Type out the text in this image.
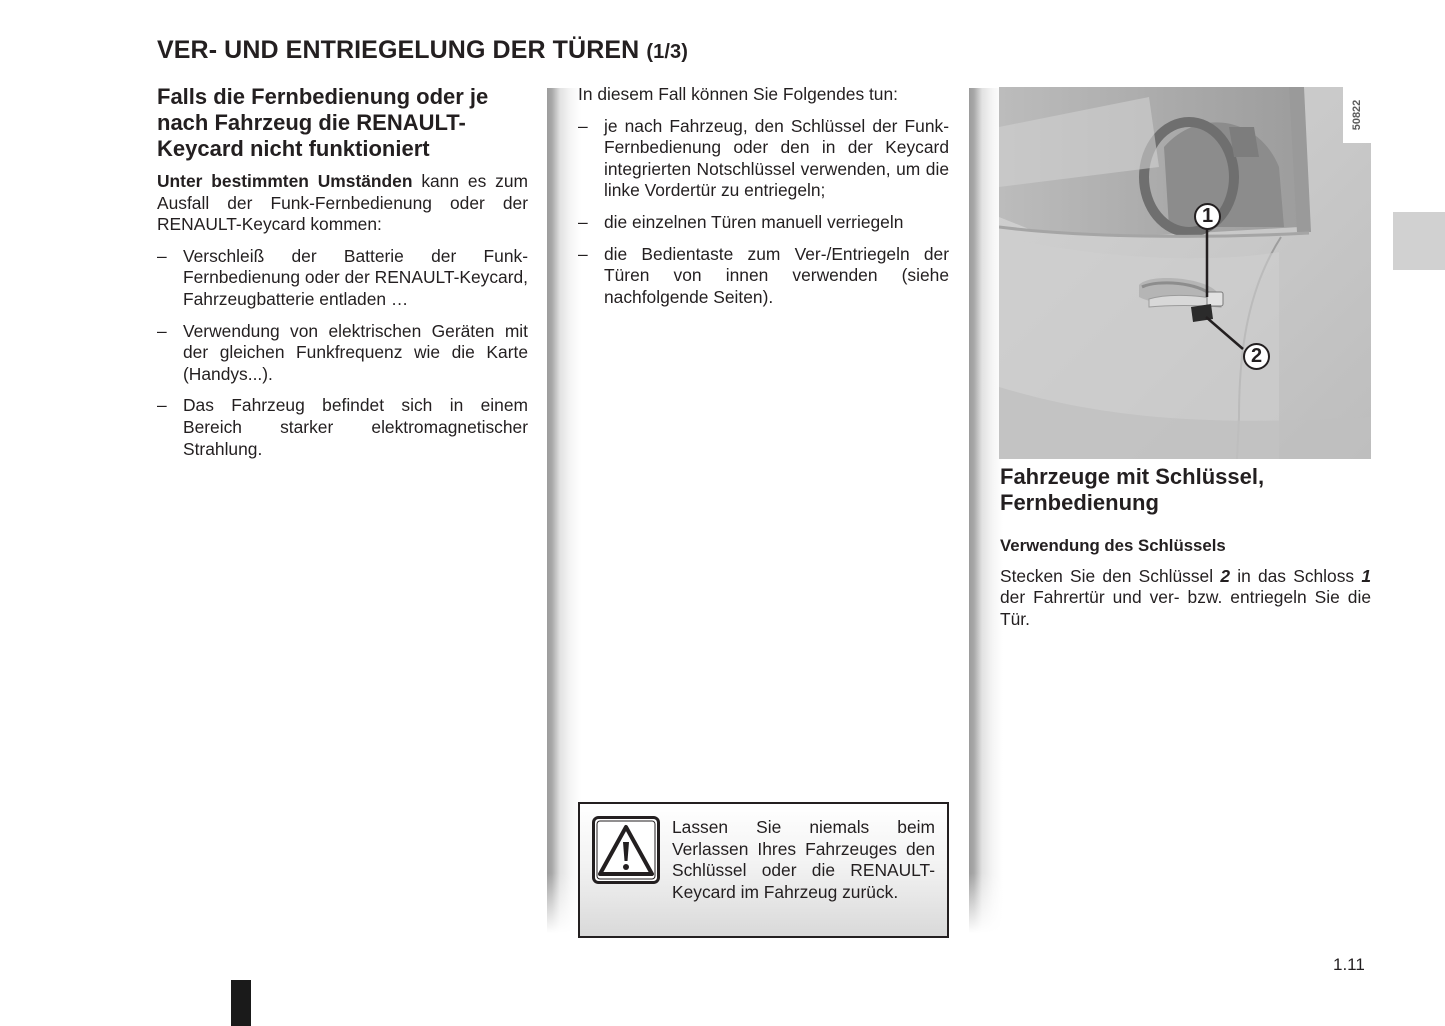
VER- UND ENTRIEGELUNG DER TÜREN (1/3)
Falls die Fernbedienung oder je nach Fahrzeug die RENAULT-Keycard nicht funktioniert
Unter bestimmten Umständen kann es zum Ausfall der Funk-Fernbedienung oder der RENAULT-Keycard kommen:
– Verschleiß der Batterie der Funk-Fernbedienung oder der RENAULT-Keycard, Fahrzeugbatterie entladen …
– Verwendung von elektrischen Geräten mit der gleichen Funkfrequenz wie die Karte (Handys...).
– Das Fahrzeug befindet sich in einem Bereich starker elektromagnetischer Strahlung.
In diesem Fall können Sie Folgendes tun:
– je nach Fahrzeug, den Schlüssel der Funk-Fernbedienung oder den in der Keycard integrierten Notschlüssel verwenden, um die linke Vordertür zu entriegeln;
– die einzelnen Türen manuell verriegeln
– die Bedientaste zum Ver-/Entriegeln der Türen von innen verwenden (siehe nachfolgende Seiten).
Lassen Sie niemals beim Verlassen Ihres Fahrzeuges den Schlüssel oder die RENAULT-Keycard im Fahrzeug zurück.
50822
1
2
Fahrzeuge mit Schlüssel, Fernbedienung
Verwendung des Schlüssels
Stecken Sie den Schlüssel 2 in das Schloss 1 der Fahrertür und ver- bzw. entriegeln Sie die Tür.
1.11
